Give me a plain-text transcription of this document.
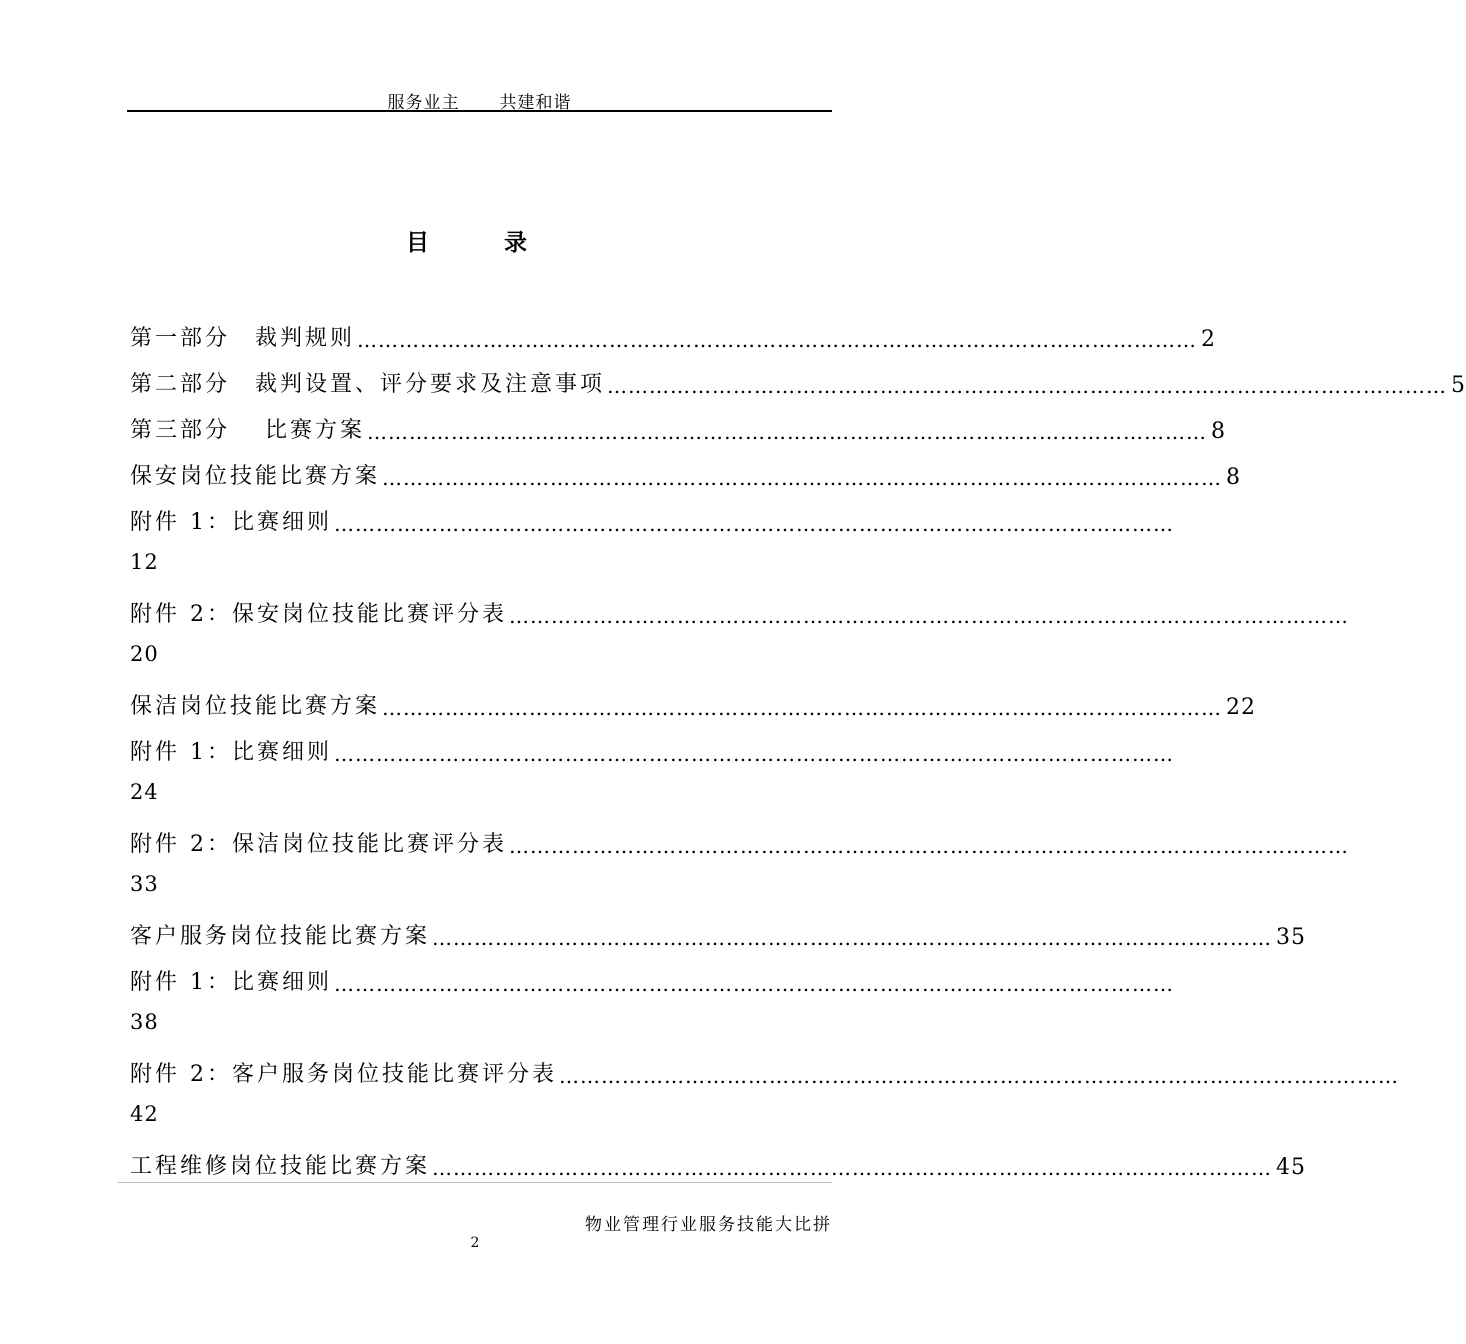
服务业主 共建和谐
目　录
第一部分　裁判规则 ………………………………………………………………………………………………………… 2
第二部分　裁判设置、评分要求及注意事项 ………………………………………………………………………………………………………… 5
第三部分　 比赛方案 ………………………………………………………………………………………………………… 8
保安岗位技能比赛方案 ………………………………………………………………………………………………………… 8
附件 1：比赛细则 …………………………………………………………………………………………………………
12
附件 2：保安岗位技能比赛评分表 …………………………………………………………………………………………………………
20
保洁岗位技能比赛方案 ………………………………………………………………………………………………………… 22
附件 1：比赛细则 …………………………………………………………………………………………………………
24
附件 2：保洁岗位技能比赛评分表 …………………………………………………………………………………………………………
33
客户服务岗位技能比赛方案 ………………………………………………………………………………………………………… 35
附件 1：比赛细则 …………………………………………………………………………………………………………
38
附件 2：客户服务岗位技能比赛评分表 …………………………………………………………………………………………………………
42
工程维修岗位技能比赛方案 ………………………………………………………………………………………………………… 45
物业管理行业服务技能大比拼
2
